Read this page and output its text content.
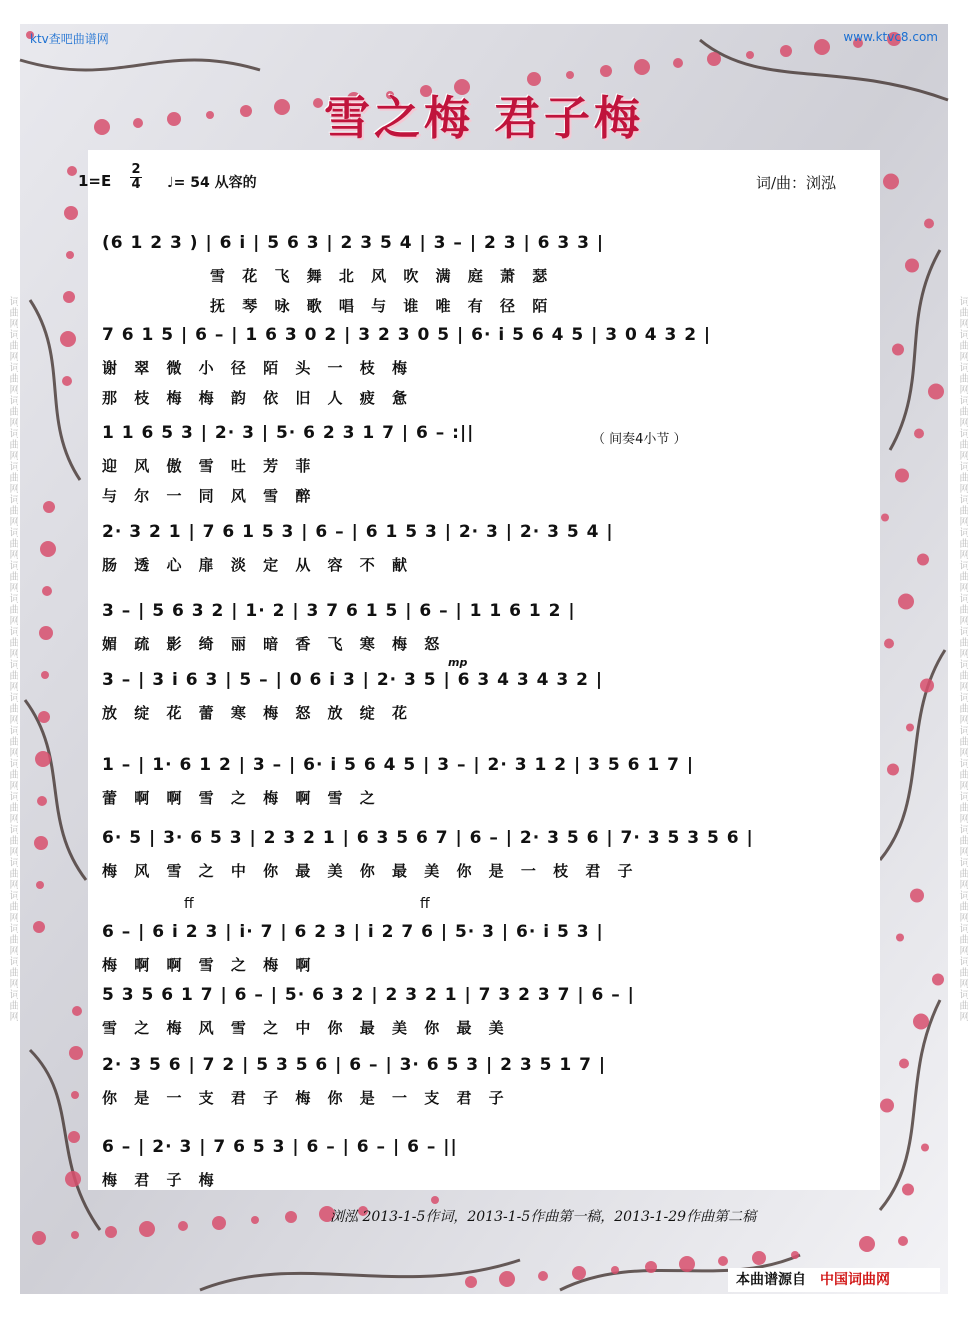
词曲网词曲网词曲网词曲网词曲网词曲网词曲网词曲网词曲网词曲网词曲网词曲网词曲网词曲网词曲网词曲网词曲网词曲网词曲网词曲网词曲网词曲网	词曲网词曲网词曲网词曲网词曲网词曲网词曲网词曲网词曲网词曲网词曲网词曲网词曲网词曲网词曲网词曲网词曲网词曲网词曲网词曲网词曲网词曲网
ktv查吧曲谱网	www.ktvc8.com
雪之梅 君子梅
1=E
2
4 ♩= 54 从容的	词/曲：浏泓
(6 1 2 3 ) | 6 i | 5 6 3 | 2 3 5 4 | 3 – | 2 3 | 6 3 3 |
雪 花 飞 舞 北 风 吹 满 庭 萧 瑟
抚 琴 咏 歌 唱 与 谁 唯 有 径 陌
7 6 1 5 | 6 – | 1 6 3 0 2 | 3 2 3 0 5 | 6· i 5 6 4 5 | 3 0 4 3 2 |
谢 翠 微 小 径 陌 头 一 枝 梅
那 枝 梅 梅 韵 依 旧 人 疲 惫
1 1 6 5 3 | 2· 3 | 5· 6 2 3 1 7 | 6 – :||
迎 风 傲 雪 吐 芳 菲
与 尔 一 同 风 雪 醉
2· 3 2 1 | 7 6 1 5 3 | 6 – | 6 1 5 3 | 2· 3 | 2· 3 5 4 |
肠 透 心 扉 淡 定 从 容 不 献
3 – | 5 6 3 2 | 1· 2 | 3 7 6 1 5 | 6 – | 1 1 6 1 2 |
媚 疏 影 绮 丽 暗 香 飞 寒 梅 怒
3 – | 3 i 6 3 | 5 – | 0 6 i 3 | 2· 3 5 | 6 3 4 3 4 3 2 |
放 绽 花 蕾 寒 梅 怒 放 绽 花
1 – | 1· 6 1 2 | 3 – | 6· i 5 6 4 5 | 3 – | 2· 3 1 2 | 3 5 6 1 7 |
蕾 啊 啊 雪 之 梅 啊 雪 之
6· 5 | 3· 6 5 3 | 2 3 2 1 | 6 3 5 6 7 | 6 – | 2· 3 5 6 | 7· 3 5 3 5 6 |
梅 风 雪 之 中 你 最 美 你 最 美 你 是 一 枝 君 子
6 – | 6 i 2 3 | i· 7 | 6 2 3 | i 2 7 6 | 5· 3 | 6· i 5 3 |
梅 啊 啊 雪 之 梅 啊
5 3 5 6 1 7 | 6 – | 5· 6 3 2 | 2 3 2 1 | 7 3 2 3 7 | 6 – |
雪 之 梅 风 雪 之 中 你 最 美 你 最 美
2· 3 5 6 | 7 2 | 5 3 5 6 | 6 – | 3· 6 5 3 | 2 3 5 1 7 |
你 是 一 支 君 子 梅 你 是 一 支 君 子
6 – | 2· 3 | 7 6 5 3 | 6 – | 6 – | 6 – ||
梅 君 子 梅
（ 间奏4小节 ）
mp
ff	ff
浏泓 2013-1-5作词，2013-1-5作曲第一稿，2013-1-29作曲第二稿
本曲谱源自 中国词曲网
